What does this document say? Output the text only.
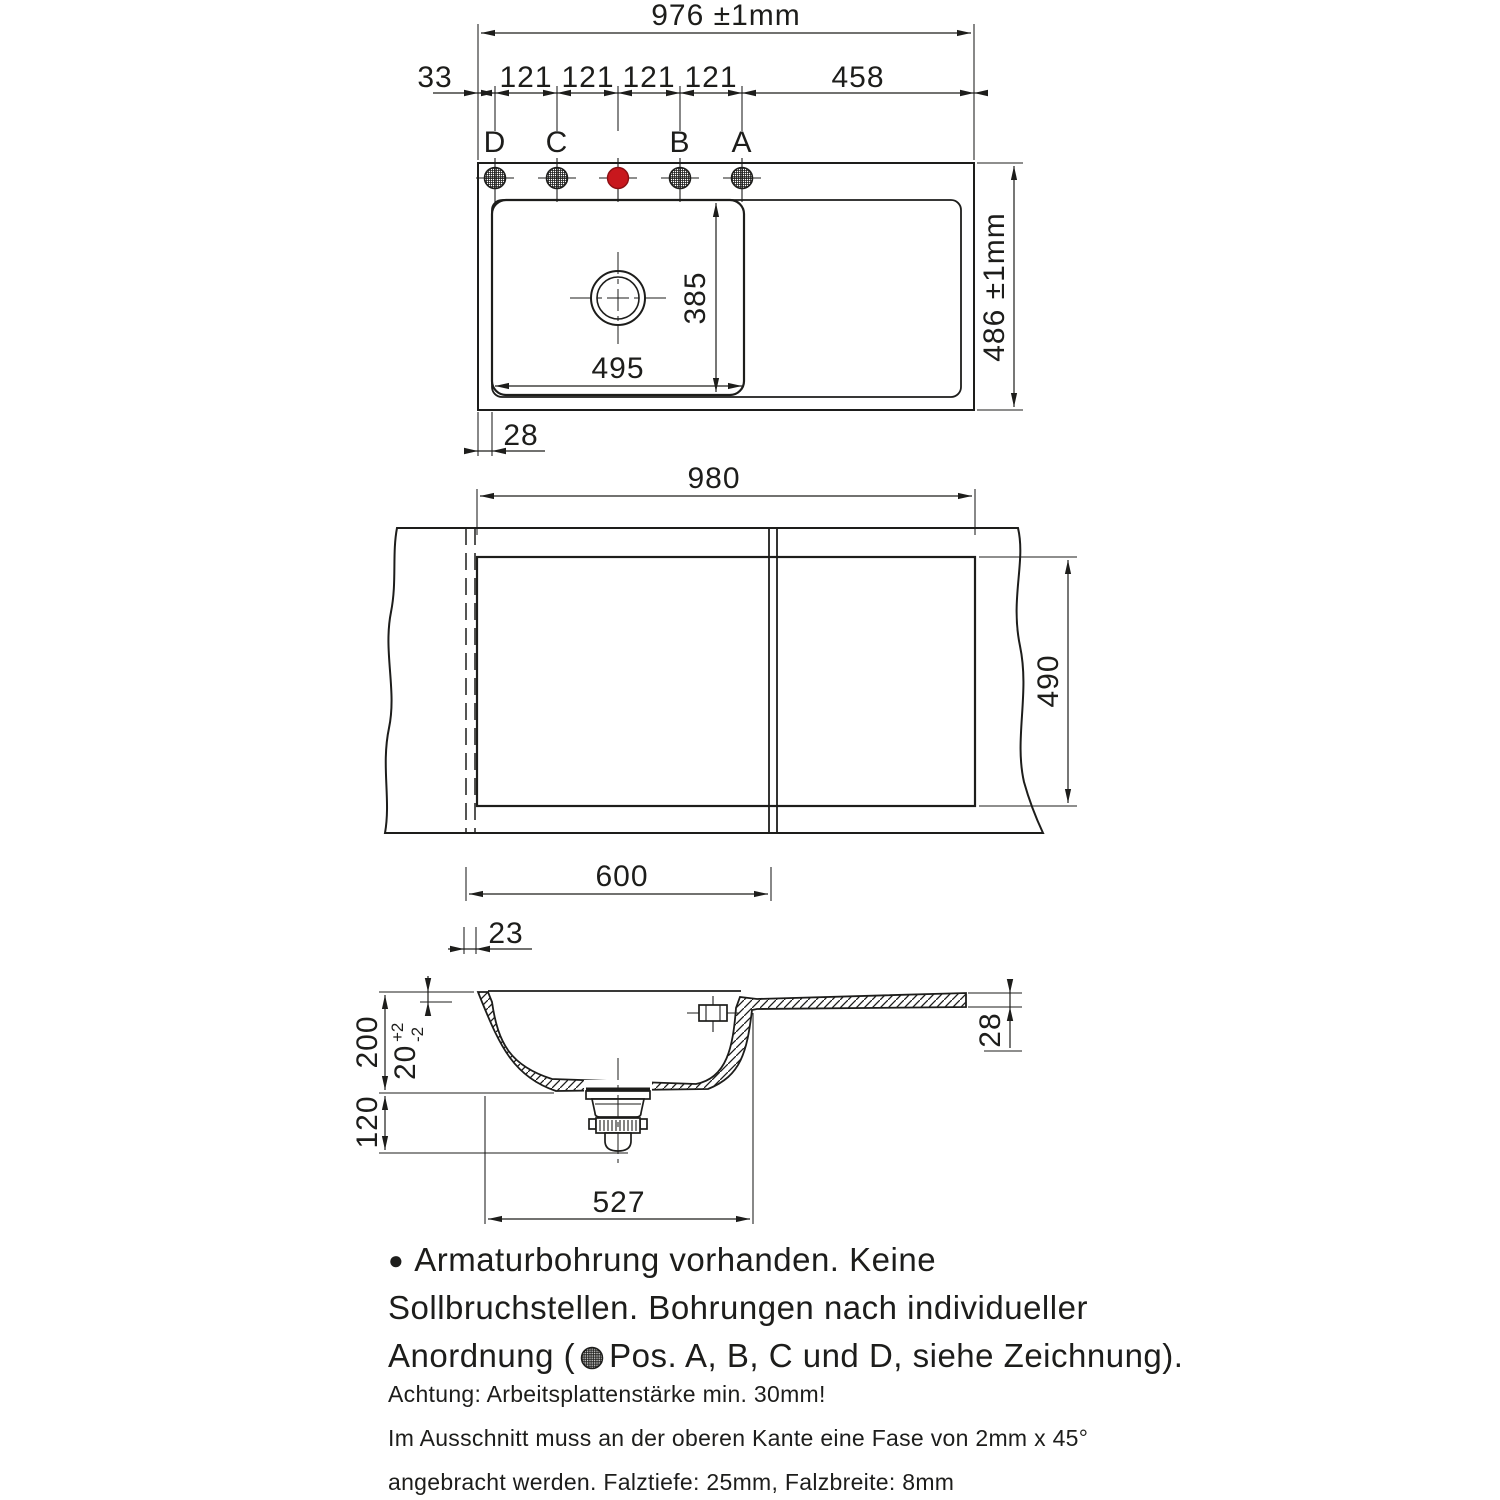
976 ±1mm
33 121 121 121 121	458
D C	B A
385
495
486 ±1mm
28
980
490
600
23
200
120
20
+2 -2	28
527
● Armaturbohrung vorhanden. Keine
Sollbruchstellen. Bohrungen nach individueller
Anordnung ( Pos. A, B, C und D, siehe Zeichnung).
Achtung: Arbeitsplattenstärke min. 30mm!
Im Ausschnitt muss an der oberen Kante eine Fase von 2mm x 45°
angebracht werden. Falztiefe: 25mm, Falzbreite: 8mm
